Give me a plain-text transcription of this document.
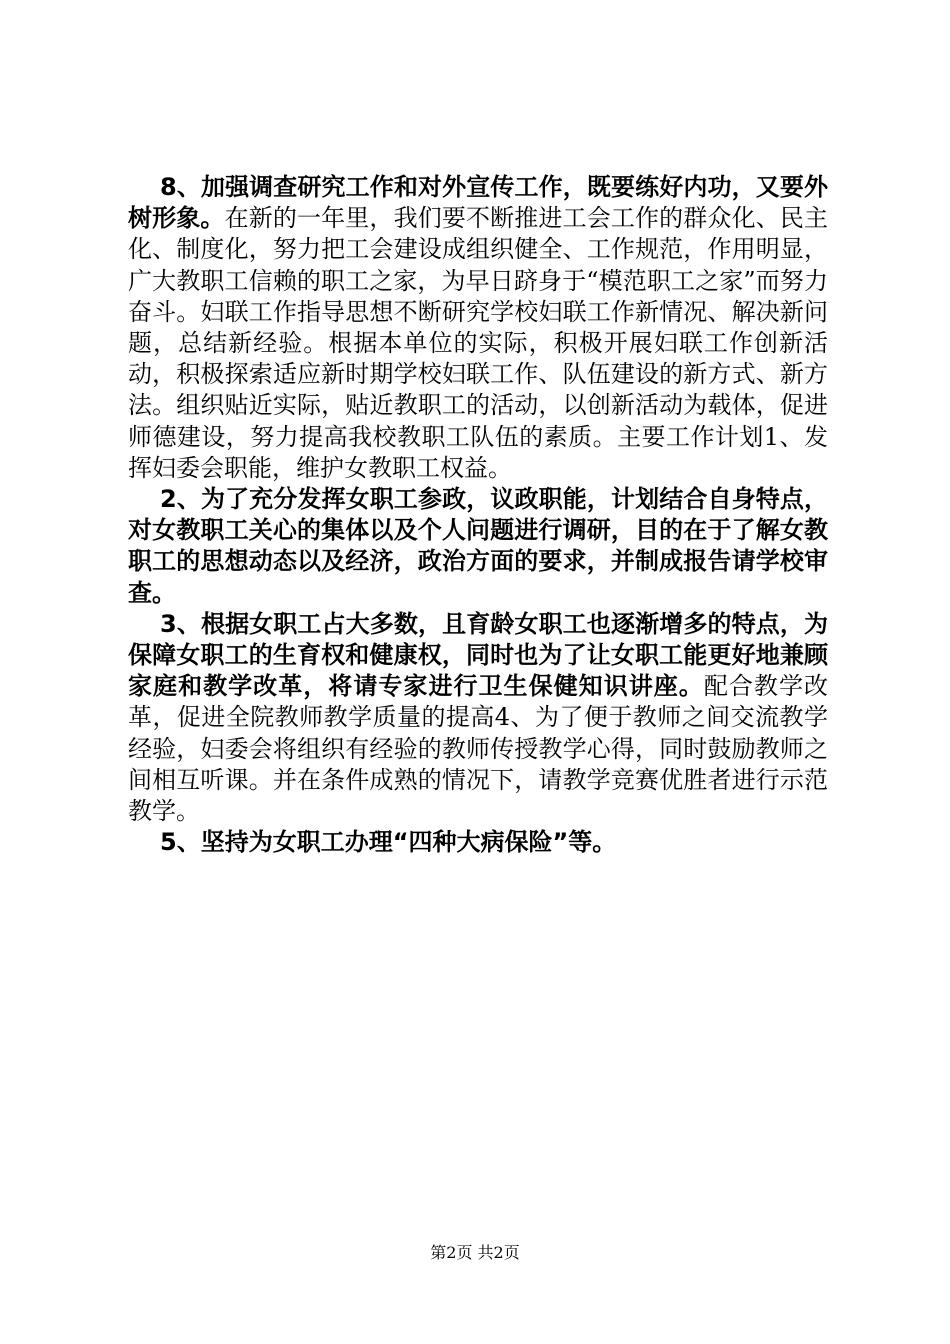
8、加强调查研究工作和对外宣传工作，既要练好内功，又要外树形象。在新的一年里，我们要不断推进工会工作的群众化、民主化、制度化，努力把工会建设成组织健全、工作规范，作用明显，广大教职工信赖的职工之家，为早日跻身于“模范职工之家”而努力奋斗。妇联工作指导思想不断研究学校妇联工作新情况、解决新问题，总结新经验。根据本单位的实际，积极开展妇联工作创新活动，积极探索适应新时期学校妇联工作、队伍建设的新方式、新方法。组织贴近实际，贴近教职工的活动，以创新活动为载体，促进师德建设，努力提高我校教职工队伍的素质。主要工作计划1、发挥妇委会职能，维护女教职工权益。

2、为了充分发挥女职工参政，议政职能，计划结合自身特点，对女教职工关心的集体以及个人问题进行调研，目的在于了解女教职工的思想动态以及经济，政治方面的要求，并制成报告请学校审查。

3、根据女职工占大多数，且育龄女职工也逐渐增多的特点，为保障女职工的生育权和健康权，同时也为了让女职工能更好地兼顾家庭和教学改革，将请专家进行卫生保健知识讲座。配合教学改革，促进全院教师教学质量的提高4、为了便于教师之间交流教学经验，妇委会将组织有经验的教师传授教学心得，同时鼓励教师之间相互听课。并在条件成熟的情况下，请教学竞赛优胜者进行示范教学。

5、坚持为女职工办理“四种大病保险”等。

第2页 共2页
